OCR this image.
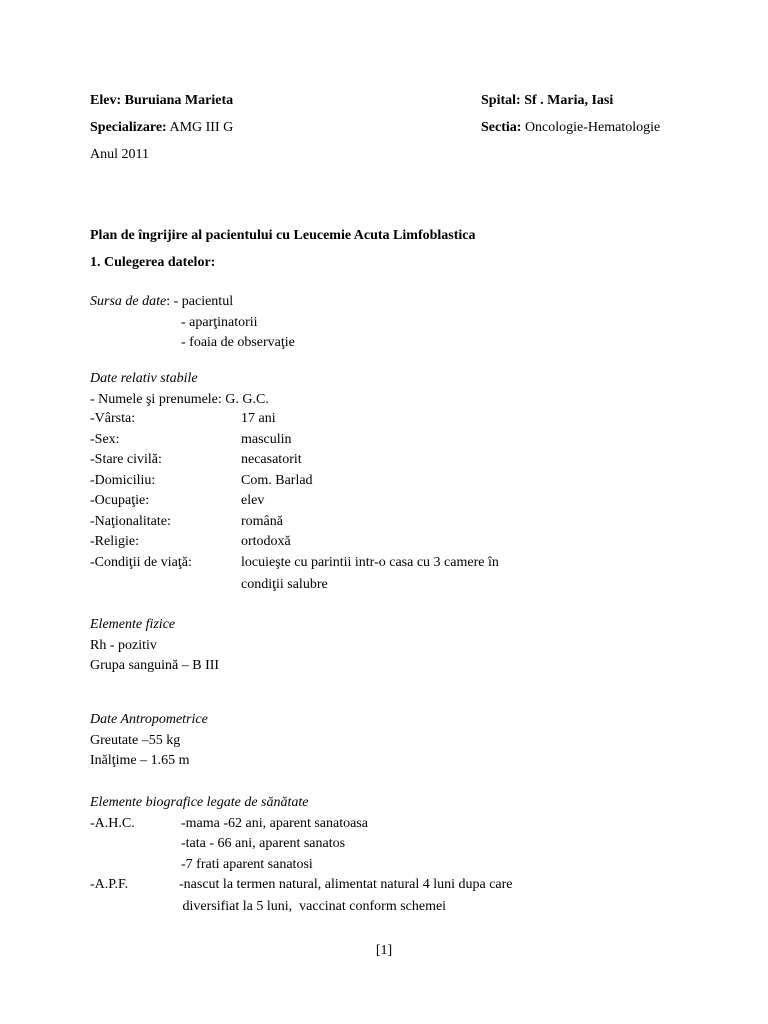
Elev: Buruiana Marieta	Spital: Sf . Maria, Iasi
Specializare: AMG III G	Sectia: Oncologie-Hematologie
Anul 2011
Plan de îngrijire al pacientului cu Leucemie Acuta Limfoblastica
1. Culegerea datelor:
Sursa de date: - pacientul
- aparţinatorii
- foaia de observaţie
Date relativ stabile
- Numele şi prenumele: G. G.C.
-Vârsta:	17 ani
-Sex:	masculin
-Stare civilă:	necasatorit
-Domiciliu:	Com. Barlad
-Ocupaţie:	elev
-Naţionalitate:	română
-Religie:	ortodoxă
-Condiţii de viaţă:	locuieşte cu parintii intr-o casa cu 3 camere în
condiţii salubre
Elemente fizice
Rh - pozitiv
Grupa sanguină – B III
Date Antropometrice
Greutate –55 kg
Inălţime – 1.65 m
Elemente biografice legate de sănătate
-A.H.C.	-mama -62 ani, aparent sanatoasa
-tata - 66 ani, aparent sanatos
-7 frati aparent sanatosi
-A.P.F.	-nascut la termen natural, alimentat natural 4 luni dupa care
diversifiat la 5 luni,  vaccinat conform schemei
[1]
